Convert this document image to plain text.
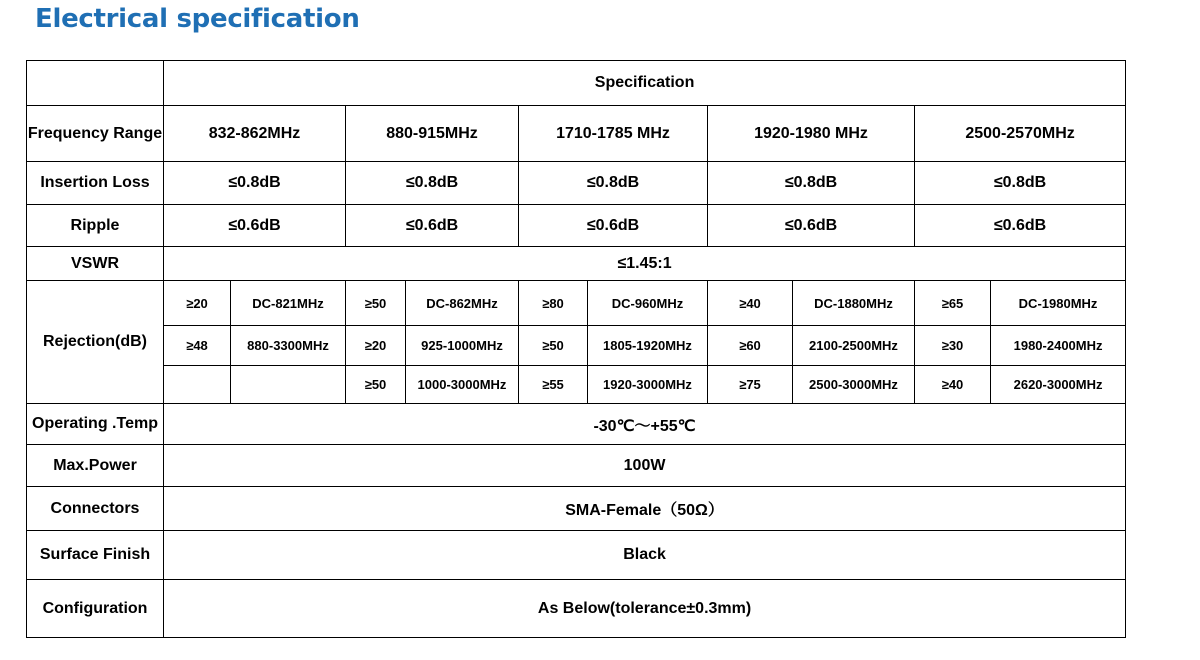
Electrical specification
	Specification									
Frequency Range	832-862MHz		880-915MHz		1710-1785 MHz		1920-1980 MHz		2500-2570MHz	
Insertion Loss	≤0.8dB		≤0.8dB		≤0.8dB		≤0.8dB		≤0.8dB	
Ripple	≤0.6dB		≤0.6dB		≤0.6dB		≤0.6dB		≤0.6dB	
VSWR	≤1.45:1									
Rejection(dB)	≥20	DC-821MHz	≥50	DC-862MHz	≥80	DC-960MHz	≥40	DC-1880MHz	≥65	DC-1980MHz
	≥48	880-3300MHz	≥20	925-1000MHz	≥50	1805-1920MHz	≥60	2100-2500MHz	≥30	1980-2400MHz
			≥50	1000-3000MHz	≥55	1920-3000MHz	≥75	2500-3000MHz	≥40	2620-3000MHz
Operating .Temp	-30℃～+55℃									
Max.Power	100W									
Connectors	SMA-Female（50Ω）									
Surface Finish	Black									
Configuration	As Below(tolerance±0.3mm)									
